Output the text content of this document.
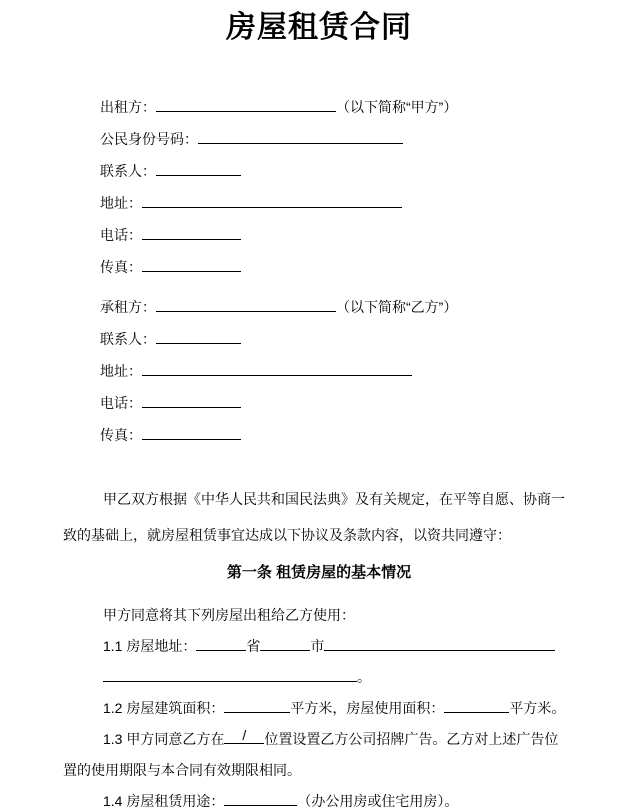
房屋租赁合同
出租方：	（以下简称“甲方”）
公民身份号码：
联系人：
地址：
电话：
传真：
承租方：	（以下简称“乙方”）
联系人：
地址：
电话：
传真：
甲乙双方根据《中华人民共和国民法典》及有关规定，在平等自愿、协商一
致的基础上，就房屋租赁事宜达成以下协议及条款内容，以资共同遵守：
第一条 租赁房屋的基本情况
甲方同意将其下列房屋出租给乙方使用：
1.1 房屋地址：	省	市
。
1.2 房屋建筑面积：	平方米，房屋使用面积：	平方米。
1.3 甲方同意乙方在	/	位置设置乙方公司招牌广告。乙方对上述广告位
置的使用期限与本合同有效期限相同。
1.4 房屋租赁用途：	（办公用房或住宅用房）。
